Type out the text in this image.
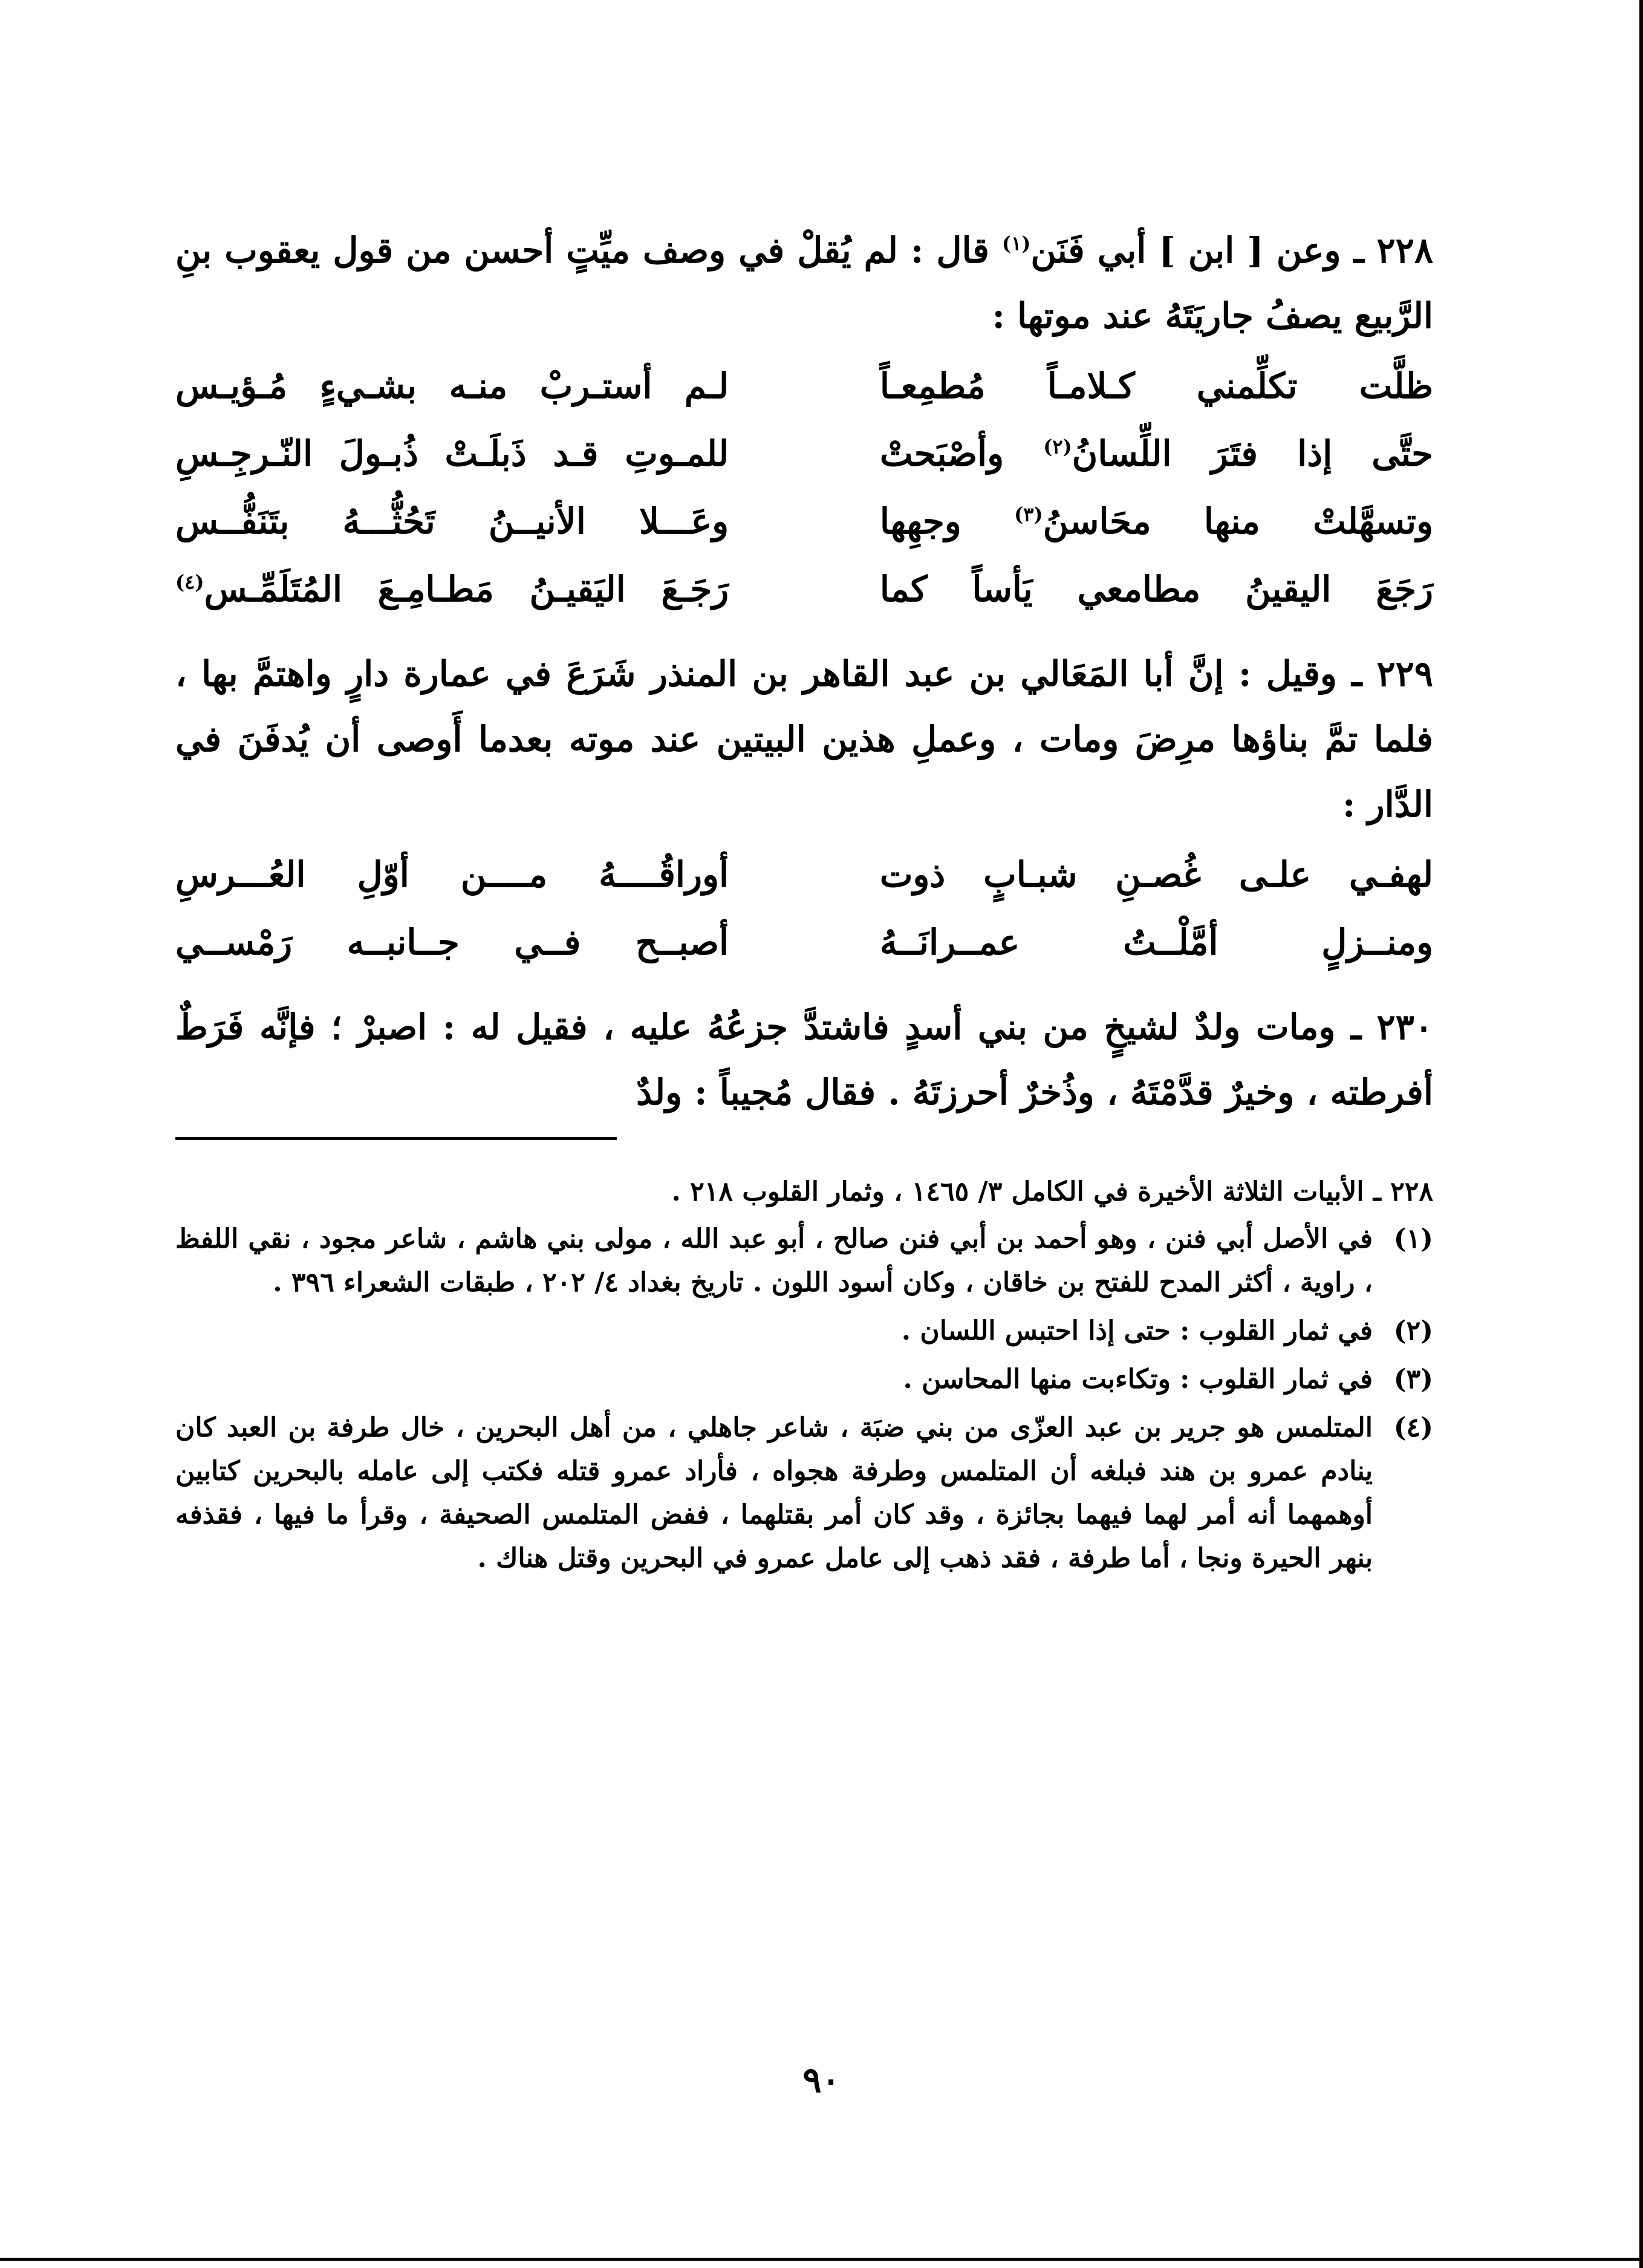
٢٢٨ ـ وعن [ ابن ] أبي فَنَن$^{(١)}$ قال : لم يُقلْ في وصف ميِّتٍ أحسن من قول يعقوب بنِ الرَّبيع يصفُ جاريَتَهُ عند موتها :

ظلَّت تكلِّمني كـلامـاً مُطمِعـاً
لـم أستـربْ منـه بشـيءٍ مُـؤيـس
حتَّى إذا فتَرَ اللِّسانُ$^{(٢)}$ وأصْبَحتْ
للمـوتِ قـد ذَبلَـتْ ذُبـولَ النّـرجِـسِ
وتسهَّلتْ منها محَاسنُ$^{(٣)}$ وجهِها
وعَـــلا الأنيــنُ تَحُثُّـــهُ بتَنَفُّــس
رَجَعَ اليقينُ مطامعي يَأساً كما
رَجَـعَ اليَقيـنُ مَطـامِـعَ المُتَلَمِّـس$^{(٤)}$

٢٢٩ ـ وقيل : إنَّ أبا المَعَالي بن عبد القاهر بن المنذر شَرَعَ في عمارة دارٍ واهتمَّ بها ، فلما تمَّ بناؤها مرِضَ ومات ، وعملِ هذين البيتين عند موته بعدما أَوصى أن يُدفَنَ في الدَّار :

لهفـي علـى غُصـنِ شبـابٍ ذوت
أوراقُــــهُ مــــن أوّلِ العُـــرسِ
ومنــزلٍ أمَّلْــتُ عمــرانَــهُ
أصبــح فــي جــانبــه رَمْســي

٢٣٠ ـ ومات ولدٌ لشيخٍ من بني أسدٍ فاشتدَّ جزعُهُ عليه ، فقيل له : اصبرْ ؛ فإنَّه فَرَطٌ أفرطته ، وخيرٌ قدَّمْتَهُ ، وذُخرٌ أحرزتَهُ . فقال مُجيباً : ولدٌ

٢٢٨ ـ الأبيات الثلاثة الأخيرة في الكامل ٣/ ١٤٦٥ ، وثمار القلوب ٢١٨ .

(١)
في الأصل أبي فنن ، وهو أحمد بن أبي فنن صالح ، أبو عبد الله ، مولى بني هاشم ، شاعر مجود ، نقي اللفظ ، راوية ، أكثر المدح للفتح بن خاقان ، وكان أسود اللون . تاريخ بغداد ٤/ ٢٠٢ ، طبقات الشعراء ٣٩٦ .
(٢)
في ثمار القلوب : حتى إذا احتبس اللسان .
(٣)
في ثمار القلوب : وتكاءبت منها المحاسن .
(٤)
المتلمس هو جرير بن عبد العزّى من بني ضبَة ، شاعر جاهلي ، من أهل البحرين ، خال طرفة بن العبد كان ينادم عمرو بن هند فبلغه أن المتلمس وطرفة هجواه ، فأراد عمرو قتله فكتب إلى عامله بالبحرين كتابين أوهمهما أنه أمر لهما فيهما بجائزة ، وقد كان أمر بقتلهما ، ففض المتلمس الصحيفة ، وقرأ ما فيها ، فقذفه بنهر الحيرة ونجا ، أما طرفة ، فقد ذهب إلى عامل عمرو في البحرين وقتل هناك .
٩٠
